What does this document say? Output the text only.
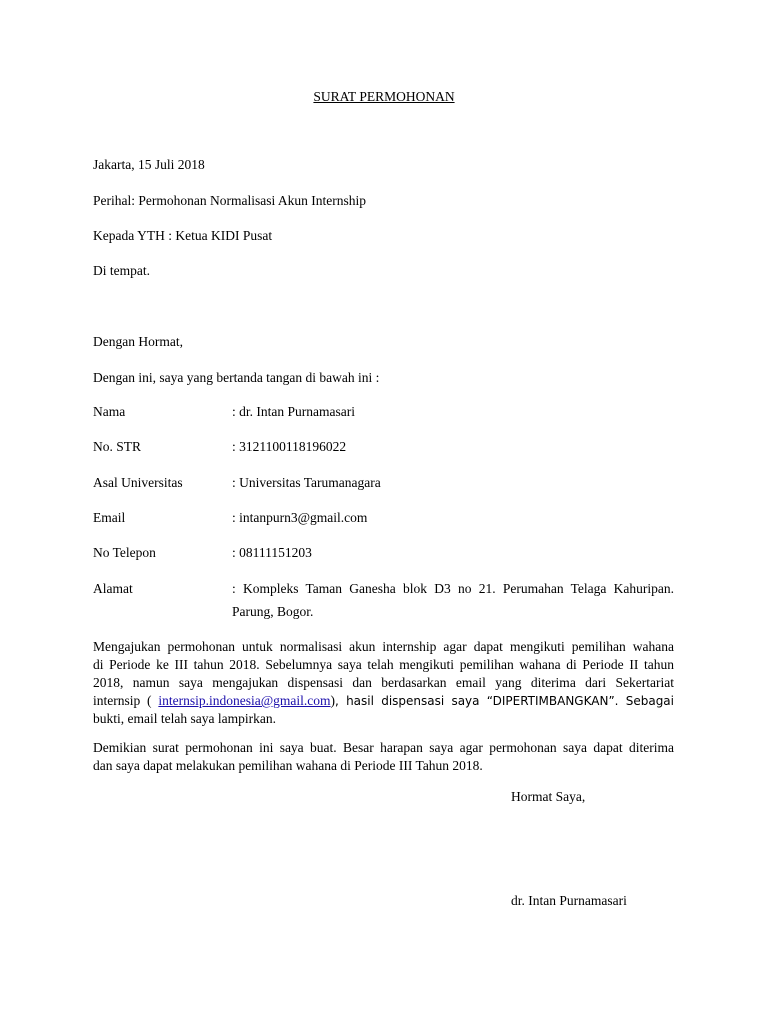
SURAT PERMOHONAN
Jakarta, 15 Juli 2018
Perihal: Permohonan Normalisasi Akun Internship
Kepada YTH : Ketua KIDI Pusat
Di tempat.
Dengan Hormat,
Dengan ini, saya yang bertanda tangan di bawah ini :
Nama	: dr. Intan Purnamasari
No. STR	: 3121100118196022
Asal Universitas	: Universitas Tarumanagara
Email	: intanpurn3@gmail.com
No Telepon	: 08111151203
Alamat	: Kompleks Taman Ganesha blok D3 no 21. Perumahan Telaga Kahuripan.
Parung, Bogor.
Mengajukan permohonan untuk normalisasi akun internship agar dapat mengikuti pemilihan wahana
di Periode ke III tahun 2018. Sebelumnya saya telah mengikuti pemilihan wahana di Periode II tahun
2018, namun saya mengajukan dispensasi dan berdasarkan email yang diterima dari Sekertariat
internsip ( internsip.indonesia@gmail.com), hasil dispensasi saya “DIPERTIMBANGKAN”. Sebagai
bukti, email telah saya lampirkan.
Demikian surat permohonan ini saya buat. Besar harapan saya agar permohonan saya dapat diterima
dan saya dapat melakukan pemilihan wahana di Periode III Tahun 2018.
Hormat Saya,
dr. Intan Purnamasari
